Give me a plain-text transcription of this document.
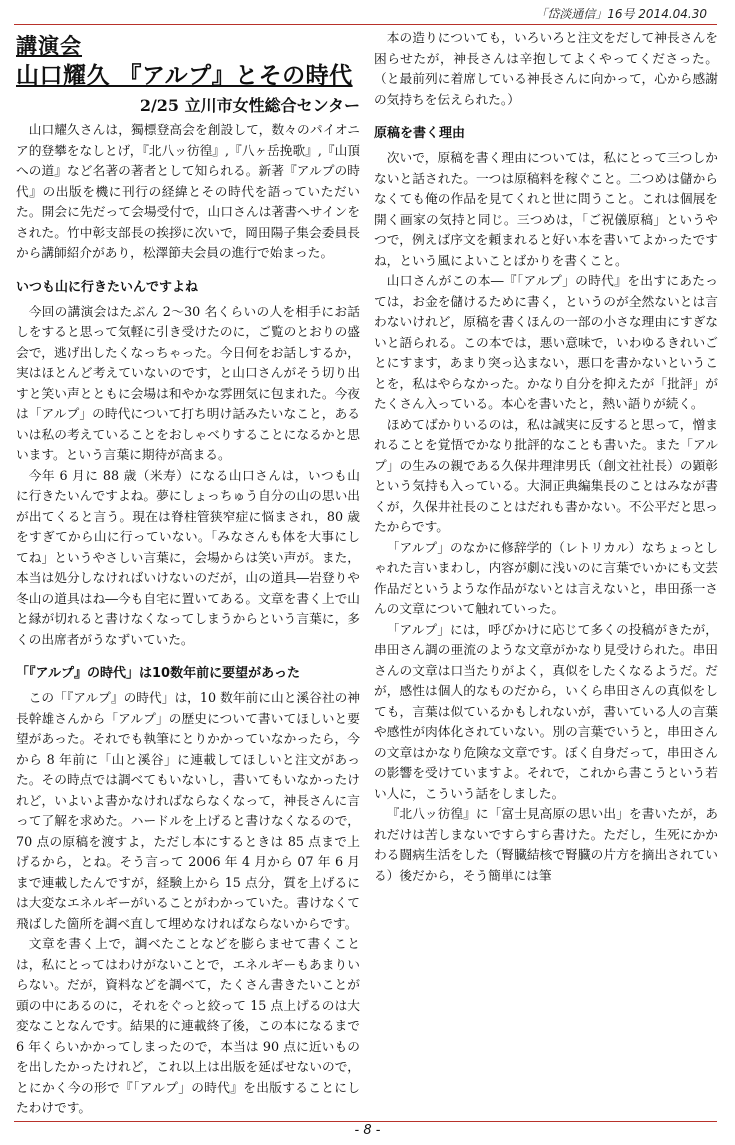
「岱淡通信」16号 2014.04.30
講演会
山口耀久 『アルプ』とその時代
2/25 立川市女性総合センター

山口耀久さんは，獨標登高会を創設して，数々のパイオニア的登攀をなしとげ，『北八ッ彷徨』,『八ヶ岳挽歌』,『山頂への道』など名著の著者として知られる。新著『アルプの時代』の出版を機に刊行の経緯とその時代を語っていただいた。開会に先だって会場受付で，山口さんは著書へサインをされた。竹中彰支部長の挨拶に次いで，岡田陽子集会委員長から講師紹介があり，松澤節夫会員の進行で始まった。

いつも山に行きたいんですよね

今回の講演会はたぶん 2～30 名くらいの人を相手にお話しをすると思って気軽に引き受けたのに，ご覧のとおりの盛会で，逃げ出したくなっちゃった。今日何をお話しするか，実はほとんど考えていないのです，と山口さんがそう切り出すと笑い声とともに会場は和やかな雰囲気に包まれた。今夜は「アルプ」の時代について打ち明け話みたいなこと，あるいは私の考えていることをおしゃべりすることになるかと思います。という言葉に期待が高まる。

今年 6 月に 88 歳（米寿）になる山口さんは，いつも山に行きたいんですよね。夢にしょっちゅう自分の山の思い出が出てくると言う。現在は脊柱管狭窄症に悩まされ，80 歳をすぎてから山に行っていない。「みなさんも体を大事にしてね」というやさしい言葉に，会場からは笑い声が。また，本当は処分しなければいけないのだが，山の道具―岩登りや冬山の道具はね―今も自宅に置いてある。文章を書く上で山と縁が切れると書けなくなってしまうからという言葉に，多くの出席者がうなずいていた。

「『アルプ』の時代」は10数年前に要望があった

この「『アルプ』の時代」は，10 数年前に山と溪谷社の神長幹雄さんから「アルプ」の歴史について書いてほしいと要望があった。それでも執筆にとりかかっていなかったら，今から 8 年前に「山と溪谷」に連載してほしいと注文があった。その時点では調べてもいないし，書いてもいなかったけれど，いよいよ書かなければならなくなって，神長さんに言って了解を求めた。ハードルを上げると書けなくなるので，70 点の原稿を渡すよ，ただし本にするときは 85 点まで上げるから，とね。そう言って 2006 年 4 月から 07 年 6 月まで連載したんですが，経験上から 15 点分，質を上げるには大変なエネルギーがいることがわかっていた。書けなくて飛ばした箇所を調べ直して埋めなければならないからです。

文章を書く上で，調べたことなどを膨らませて書くことは，私にとってはわけがないことで，エネルギーもあまりいらない。だが，資料などを調べて，たくさん書きたいことが頭の中にあるのに，それをぐっと絞って 15 点上げるのは大変なことなんです。結果的に連載終了後，この本になるまで 6 年くらいかかってしまったので，本当は 90 点に近いものを出したかったけれど，これ以上は出版を延ばせないので，とにかく今の形で『「アルプ」の時代』を出版することにしたわけです。

本の造りについても，いろいろと注文をだして神長さんを困らせたが，神長さんは辛抱してよくやってくださった。（と最前列に着席している神長さんに向かって，心から感謝の気持ちを伝えられた。）

原稿を書く理由

次いで，原稿を書く理由については，私にとって三つしかないと話された。一つは原稿料を稼ぐこと。二つめは儲からなくても俺の作品を見てくれと世に問うこと。これは個展を開く画家の気持と同じ。三つめは，「ご祝儀原稿」というやつで，例えば序文を頼まれると好い本を書いてよかったですね，という風によいことばかりを書くこと。

山口さんがこの本―『「アルプ」の時代』を出すにあたっては，お金を儲けるために書く，というのが全然ないとは言わないけれど，原稿を書くほんの一部の小さな理由にすぎないと語られる。この本では，悪い意味で，いわゆるきれいごとにすます，あまり突っ込まない，悪口を書かないということを，私はやらなかった。かなり自分を抑えたが「批評」がたくさん入っている。本心を書いたと，熱い語りが続く。

ほめてばかりいるのは，私は誠実に反すると思って，憎まれることを覚悟でかなり批評的なことも書いた。また「アルプ」の生みの親である久保井理津男氏（創文社社長）の顕彰という気持も入っている。大洞正典編集長のことはみなが書くが，久保井社長のことはだれも書かない。不公平だと思ったからです。

「アルプ」のなかに修辞学的（レトリカル）なちょっとしゃれた言いまわし，内容が劇に浅いのに言葉でいかにも文芸作品だというような作品がないとは言えないと，串田孫一さんの文章について触れていった。

「アルプ」には，呼びかけに応じて多くの投稿がきたが，串田さん調の亜流のような文章がかなり見受けられた。串田さんの文章は口当たりがよく，真似をしたくなるようだ。だが，感性は個人的なものだから，いくら串田さんの真似をしても，言葉は似ているかもしれないが，書いている人の言葉や感性が肉体化されていない。別の言葉でいうと，串田さんの文章はかなり危険な文章です。ぼく自身だって，串田さんの影響を受けていますよ。それで，これから書こうという若い人に，こういう話をしました。

『北八ッ彷徨』に「富士見高原の思い出」を書いたが，あれだけは苦しまないですらすら書けた。ただし，生死にかかわる闘病生活をした（腎臓結核で腎臓の片方を摘出されている）後だから，そう簡単には筆

- 8 -
